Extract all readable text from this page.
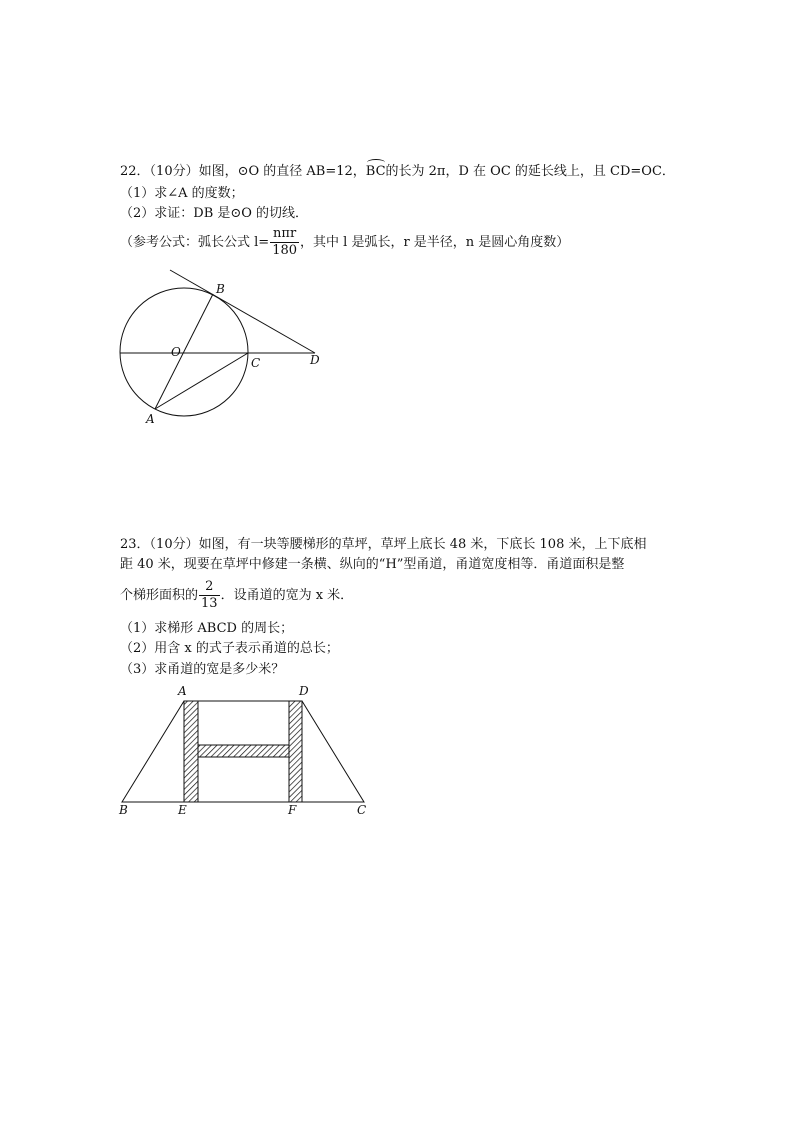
22．（10分）如图，⊙O 的直径 AB=12，BC的长为 2π，D 在 OC 的延长线上，且 CD=OC．
（1）求∠A 的度数；
（2）求证：DB 是⊙O 的切线．
（参考公式：弧长公式 $l= \frac{\text{nπr}}{180}$ ，其中 l 是弧长，r 是半径，n 是圆心角度数）
B
O
C	D
A
23．（10分）如图，有一块等腰梯形的草坪，草坪上底长 48 米，下底长 108 米，上下底相
距 40 米，现要在草坪中修建一条横、纵向的“H”型甬道，甬道宽度相等．甬道面积是整
个梯形面积的 $\frac{2}{13}$ ．设甬道的宽为 x 米．
（1）求梯形 ABCD 的周长；
（2）用含 x 的式子表示甬道的总长；
（3）求甬道的宽是多少米？
A	D
B	E	F	C
